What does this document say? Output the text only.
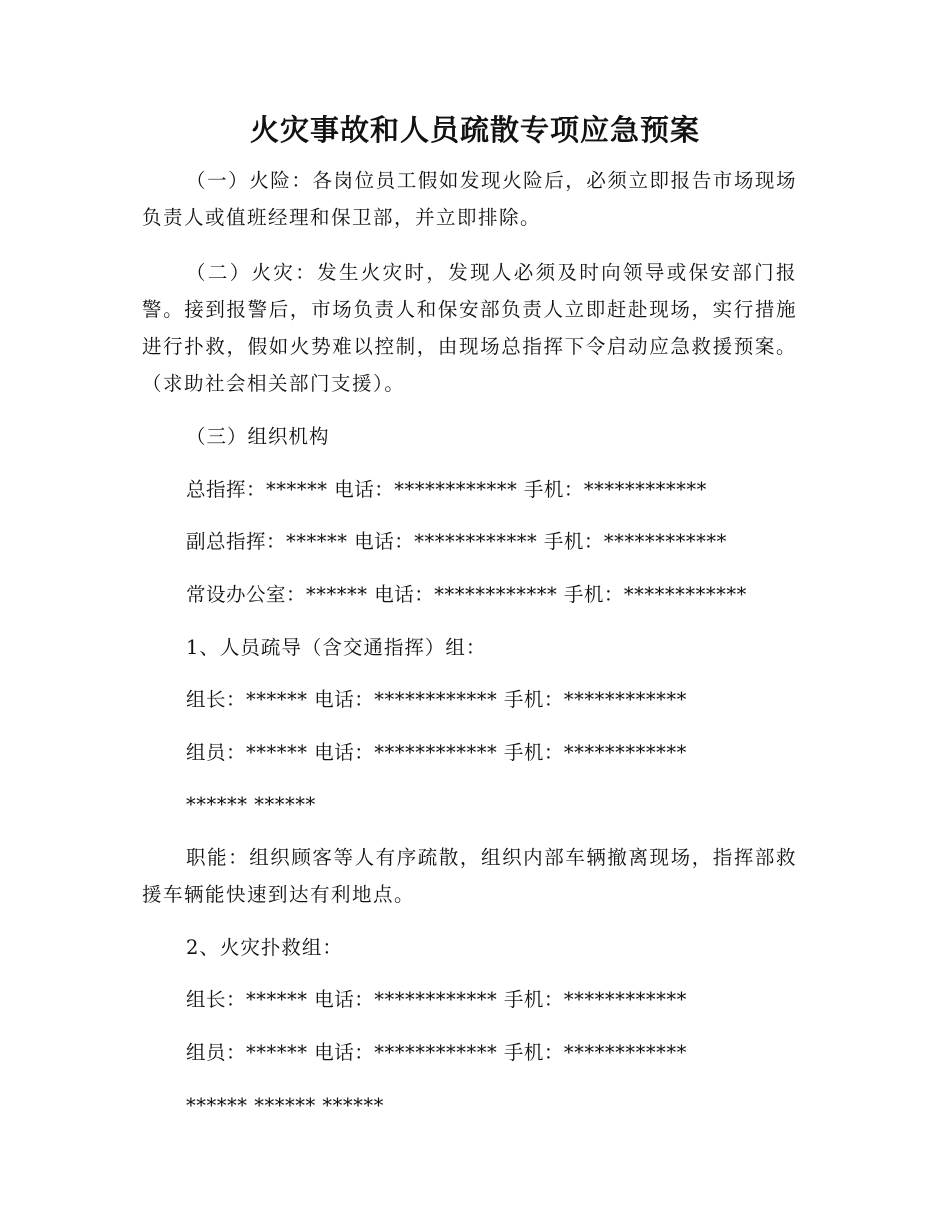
火灾事故和人员疏散专项应急预案

（一）火险：各岗位员工假如发现火险后，必须立即报告市场现场负责人或值班经理和保卫部，并立即排除。

（二）火灾：发生火灾时，发现人必须及时向领导或保安部门报警。接到报警后，市场负责人和保安部负责人立即赶赴现场，实行措施进行扑救，假如火势难以控制，由现场总指挥下令启动应急救援预案。（求助社会相关部门支援）。

（三）组织机构

总指挥：****** 电话：************ 手机：************

副总指挥：****** 电话：************ 手机：************

常设办公室：****** 电话：************ 手机：************

1、人员疏导（含交通指挥）组：

组长：****** 电话：************ 手机：************

组员：****** 电话：************ 手机：************

****** ******

职能：组织顾客等人有序疏散，组织内部车辆撤离现场，指挥部救援车辆能快速到达有利地点。

2、火灾扑救组：

组长：****** 电话：************ 手机：************

组员：****** 电话：************ 手机：************

****** ****** ******
